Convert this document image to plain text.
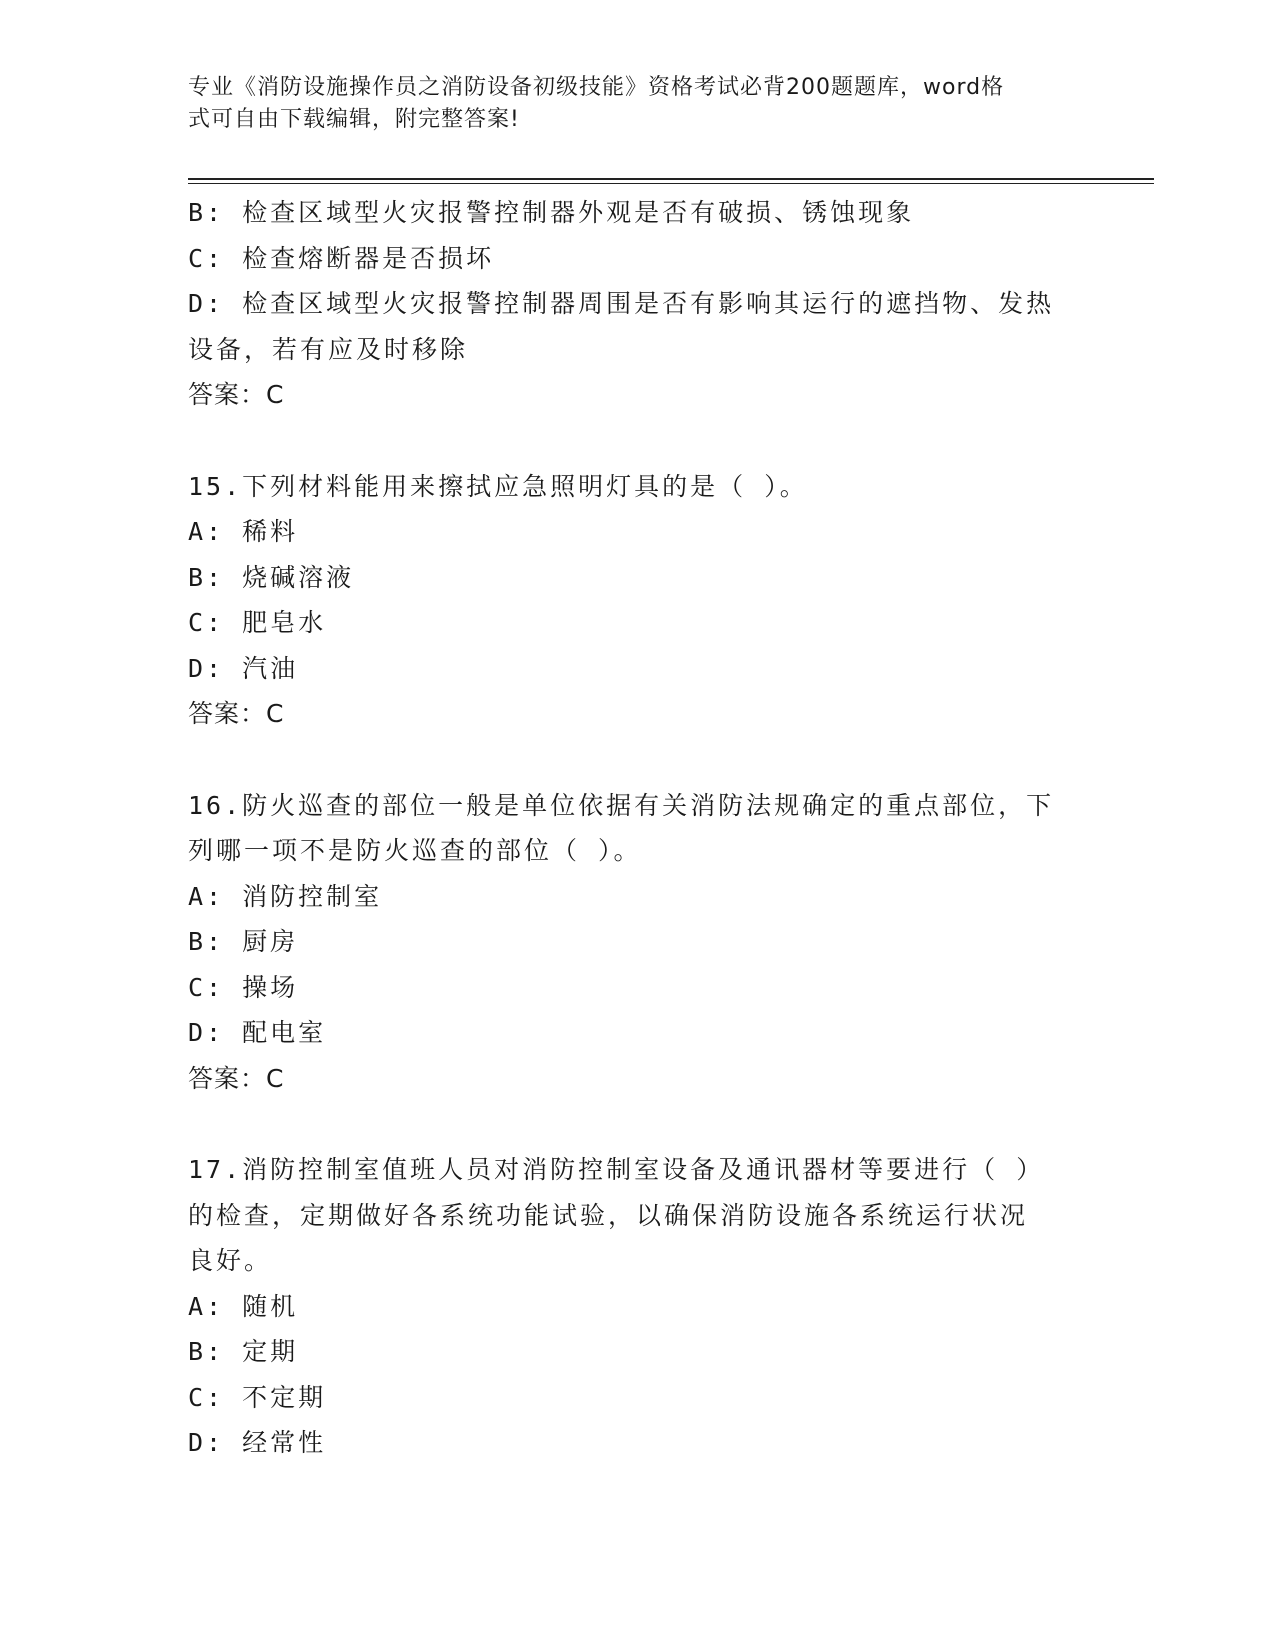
专业《消防设施操作员之消防设备初级技能》资格考试必背200题题库，word格
式可自由下载编辑，附完整答案!
B: 检查区域型火灾报警控制器外观是否有破损、锈蚀现象
C: 检查熔断器是否损坏
D: 检查区域型火灾报警控制器周围是否有影响其运行的遮挡物、发热
设备，若有应及时移除
答案：C
15.下列材料能用来擦拭应急照明灯具的是（ ）。
A: 稀料
B: 烧碱溶液
C: 肥皂水
D: 汽油
答案：C
16.防火巡查的部位一般是单位依据有关消防法规确定的重点部位，下
列哪一项不是防火巡查的部位（ ）。
A: 消防控制室
B: 厨房
C: 操场
D: 配电室
答案：C
17.消防控制室值班人员对消防控制室设备及通讯器材等要进行（ ）
的检查，定期做好各系统功能试验，以确保消防设施各系统运行状况
良好。
A: 随机
B: 定期
C: 不定期
D: 经常性
